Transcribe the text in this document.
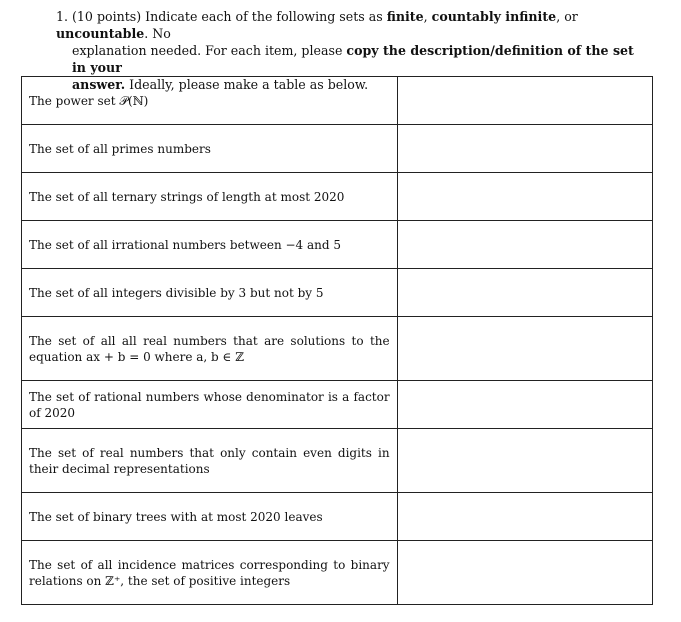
1. (10 points) Indicate each of the following sets as finite, countably infinite, or uncountable. No
explanation needed. For each item, please copy the description/definition of the set in your
answer. Ideally, please make a table as below.
The power set 𝒫(ℕ)	
The set of all primes numbers	
The set of all ternary strings of length at most 2020	
The set of all irrational numbers between −4 and 5	
The set of all integers divisible by 3 but not by 5	
The set of all all real numbers that are solutions to the equation ax + b = 0 where a, b ∈ ℤ	
The set of rational numbers whose denominator is a factor of 2020	
The set of real numbers that only contain even digits in their decimal representations	
The set of binary trees with at most 2020 leaves	
The set of all incidence matrices corresponding to binary relations on ℤ⁺, the set of positive integers	
